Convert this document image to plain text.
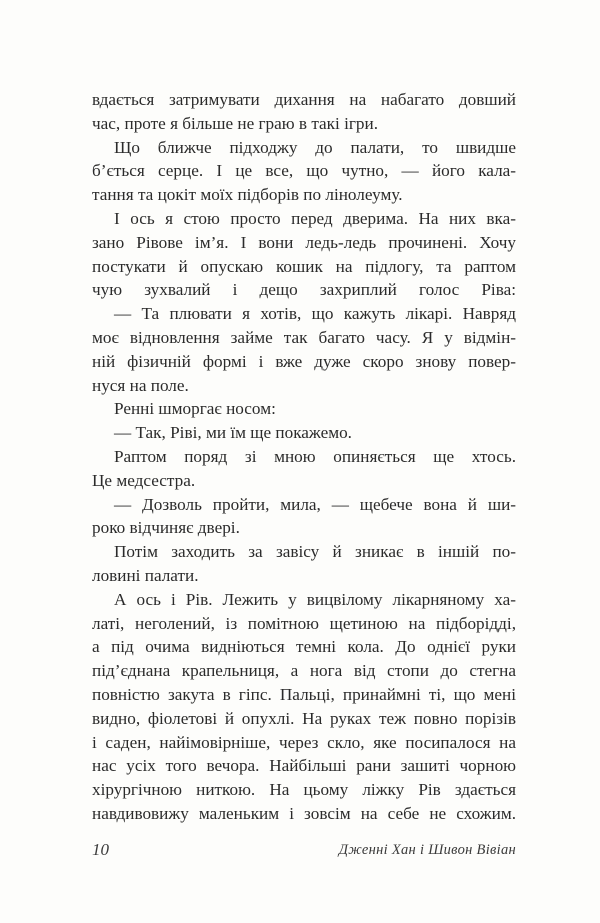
вдається затримувати дихання на набагато довший
час, проте я більше не граю в такі ігри.
Що ближче підходжу до палати, то швидше
б’ється серце. І це все, що чутно, — його кала-
тання та цокіт моїх підборів по лінолеуму.
І ось я стою просто перед дверима. На них вка-
зано Рівове ім’я. І вони ледь-ледь прочинені. Хочу
постукати й опускаю кошик на підлогу, та раптом
чую зухвалий і дещо захриплий голос Ріва:
— Та плювати я хотів, що кажуть лікарі. Навряд
моє відновлення займе так багато часу. Я у відмін-
ній фізичній формі і вже дуже скоро знову повер-
нуся на поле.
Ренні шморгає носом:
— Так, Ріві, ми їм ще покажемо.
Раптом поряд зі мною опиняється ще хтось.
Це медсестра.
— Дозволь пройти, мила, — щебече вона й ши-
роко відчиняє двері.
Потім заходить за завісу й зникає в іншій по-
ловині палати.
А ось і Рів. Лежить у вицвілому лікарняному ха-
латі, неголений, із помітною щетиною на підборідді,
а під очима видніються темні кола. До однієї руки
під’єднана крапельниця, а нога від стопи до стегна
повністю закута в гіпс. Пальці, принаймні ті, що мені
видно, фіолетові й опухлі. На руках теж повно порізів
і саден, найімовірніше, через скло, яке посипалося на
нас усіх того вечора. Найбільші рани зашиті чорною
хірургічною ниткою. На цьому ліжку Рів здається
навдивовижу маленьким і зовсім на себе не схожим.
10	Дженні Хан і Шивон Вівіан
